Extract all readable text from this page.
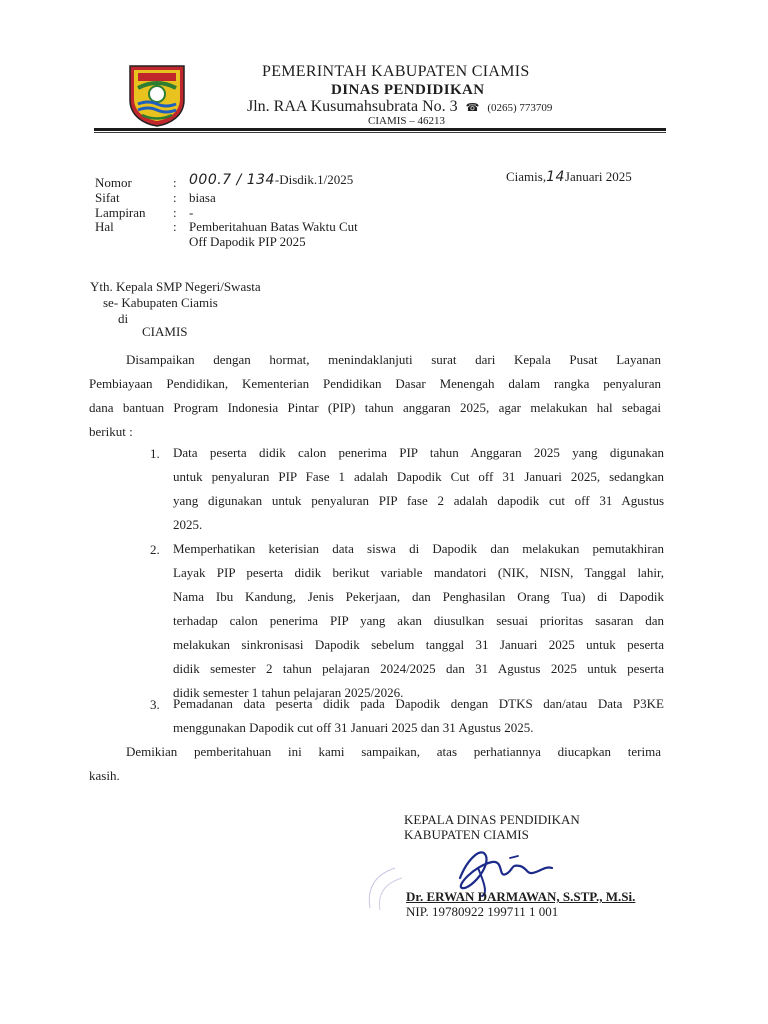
PEMERINTAH KABUPATEN CIAMIS
DINAS PENDIDIKAN
Jln. RAA Kusumahsubrata No. 3 ☎ (0265) 773709
CIAMIS – 46213
Nomor	: 000.7 / 134-Disdik.1/2025
Sifat	: biasa
Lampiran : -
Hal	: Pemberitahuan Batas Waktu Cut
Off Dapodik PIP 2025
Ciamis,14Januari 2025
Yth. Kepala SMP Negeri/Swasta
se- Kabupaten Ciamis
di
CIAMIS
Disampaikan dengan hormat, menindaklanjuti surat dari Kepala Pusat Layanan
Pembiayaan Pendidikan, Kementerian Pendidikan Dasar Menengah dalam rangka penyaluran
dana bantuan Program Indonesia Pintar (PIP) tahun anggaran 2025, agar melakukan hal sebagai
berikut :
1. Data peserta didik calon penerima PIP tahun Anggaran 2025 yang digunakan
untuk penyaluran PIP Fase 1 adalah Dapodik Cut off 31 Januari 2025, sedangkan
yang digunakan untuk penyaluran PIP fase 2 adalah dapodik cut off 31 Agustus
2025.
2. Memperhatikan keterisian data siswa di Dapodik dan melakukan pemutakhiran
Layak PIP peserta didik berikut variable mandatori (NIK, NISN, Tanggal lahir,
Nama Ibu Kandung, Jenis Pekerjaan, dan Penghasilan Orang Tua) di Dapodik
terhadap calon penerima PIP yang akan diusulkan sesuai prioritas sasaran dan
melakukan sinkronisasi Dapodik sebelum tanggal 31 Januari 2025 untuk peserta
didik semester 2 tahun pelajaran 2024/2025 dan 31 Agustus 2025 untuk peserta
didik semester 1 tahun pelajaran 2025/2026.
3. Pemadanan data peserta didik pada Dapodik dengan DTKS dan/atau Data P3KE
menggunakan Dapodik cut off 31 Januari 2025 dan 31 Agustus 2025.
Demikian pemberitahuan ini kami sampaikan, atas perhatiannya diucapkan terima
kasih.
KEPALA DINAS PENDIDIKAN
KABUPATEN CIAMIS
Dr. ERWAN DARMAWAN, S.STP., M.Si.
NIP. 19780922 199711 1 001
